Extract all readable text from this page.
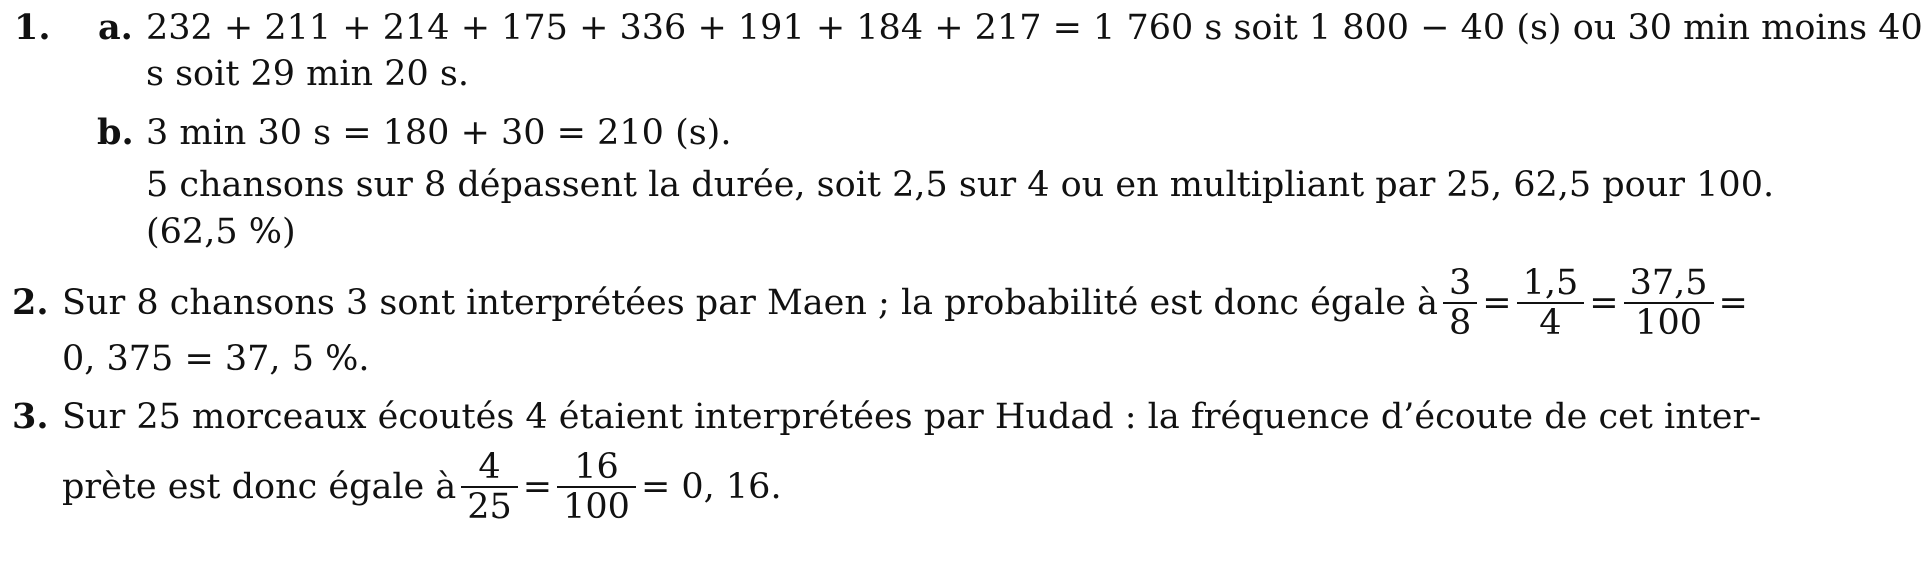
1. a. 232 + 211 + 214 + 175 + 336 + 191 + 184 + 217 = 1 760 s soit 1 800 − 40 (s) ou 30 min moins 40
s soit 29 min 20 s.
b. 3 min 30 s = 180 + 30 = 210 (s).
5 chansons sur 8 dépassent la durée, soit 2,5 sur 4 ou en multipliant par 25, 62,5 pour 100.
(62,5 %)
2. Sur 8 chansons 3 sont interprétées par Maen ; la probabilité est donc égale à $\frac{3}{8} = \frac{1,5}{4} = \frac{37,5}{100}$ =
0, 375 = 37, 5 %.
3. Sur 25 morceaux écoutés 4 étaient interprétées par Hudad : la fréquence d’écoute de cet inter-
prète est donc égale à $\frac{4}{25} = \frac{16}{100} = 0$, 16.
